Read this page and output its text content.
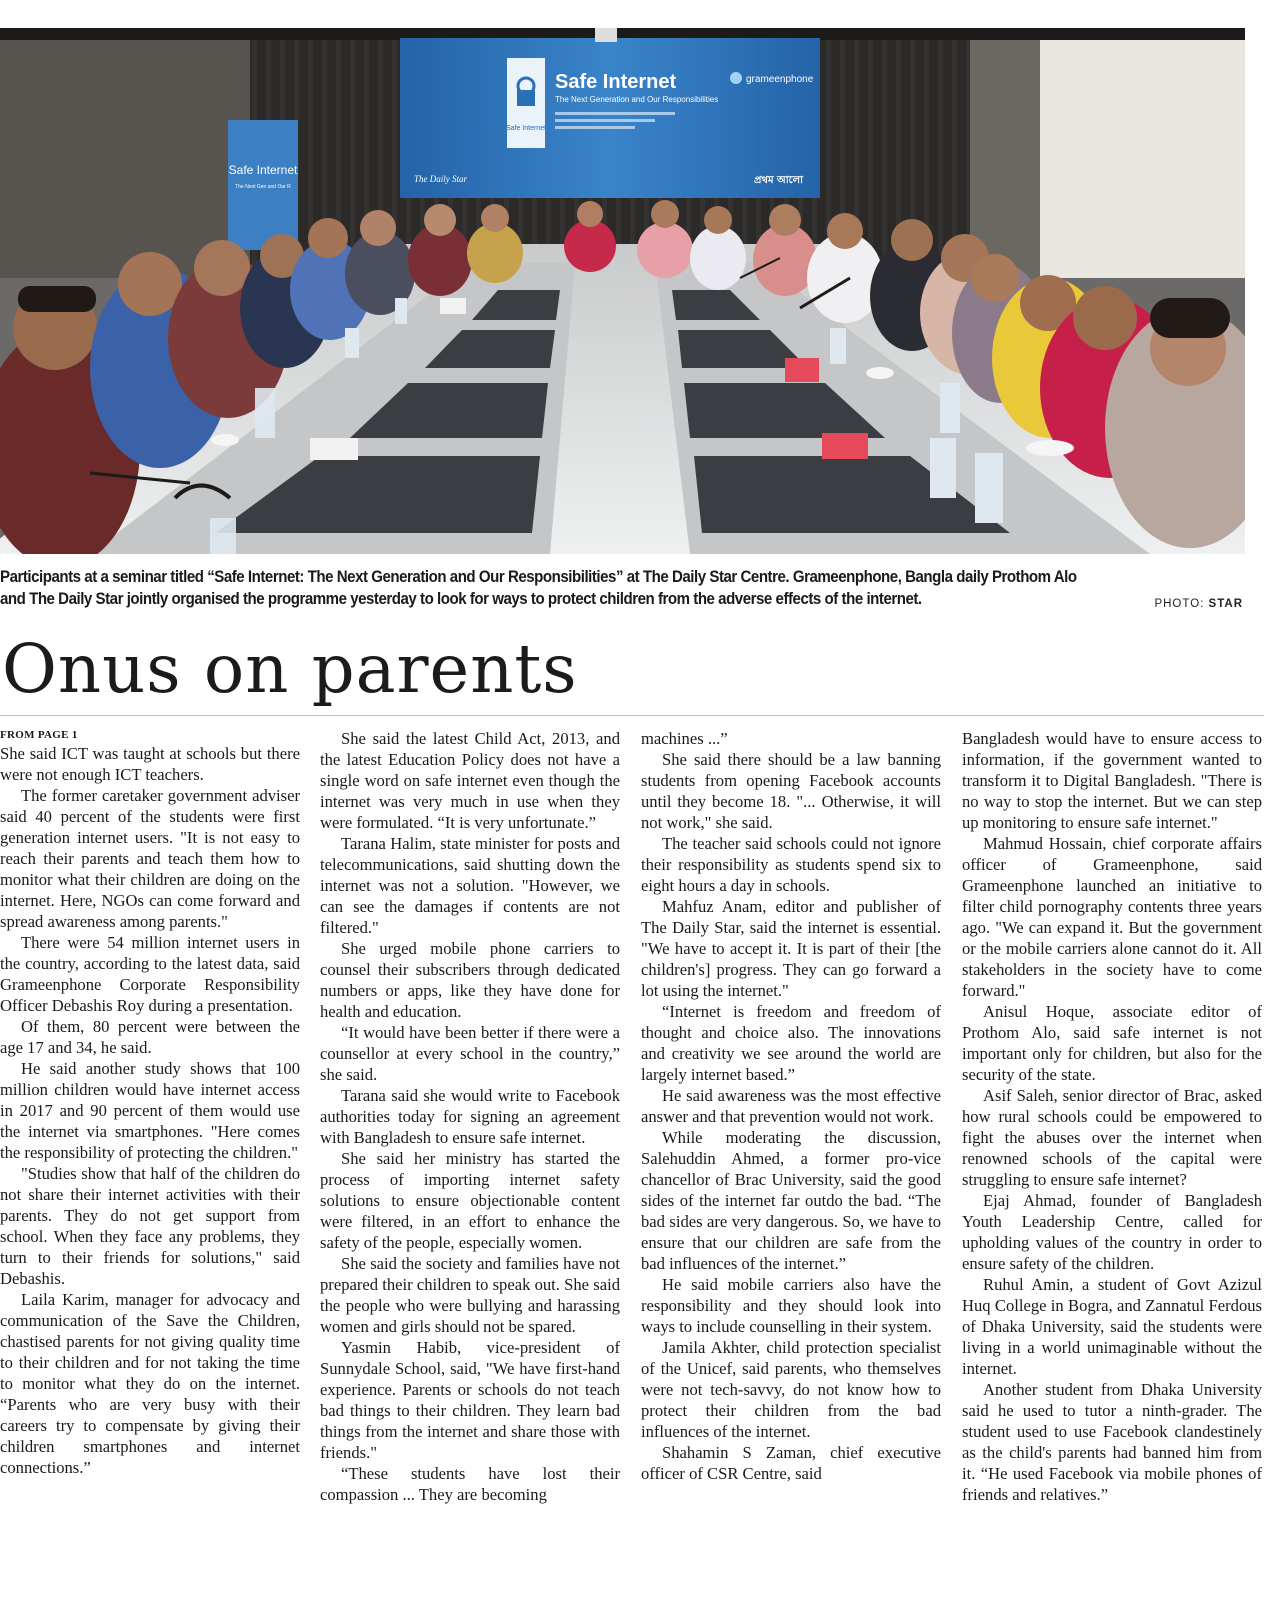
Safe Internet
Safe Internet
The Next Generation and Our Responsibilities
grameenphone
The Daily Star	প্রথম আলো
Safe Internet
The Next Gen and Our R
Participants at a seminar titled “Safe Internet: The Next Generation and Our Responsibilities” at The Daily Star Centre. Grameenphone, Bangla daily Prothom Alo
and The Daily Star jointly organised the programme yesterday to look for ways to protect children from the adverse effects of the internet.	PHOTO: STAR
Onus on parents

FROM PAGE 1

She said ICT was taught at schools but there were not enough ICT teachers.

The former caretaker government adviser said 40 percent of the students were first generation internet users. "It is not easy to reach their parents and teach them how to monitor what their children are doing on the internet. Here, NGOs can come forward and spread awareness among parents."

There were 54 million internet users in the country, according to the latest data, said Grameenphone Corporate Responsibility Officer Debashis Roy during a presentation.

Of them, 80 percent were between the age 17 and 34, he said.

He said another study shows that 100 million children would have internet access in 2017 and 90 percent of them would use the internet via smartphones. "Here comes the responsibility of protecting the children."

"Studies show that half of the children do not share their internet activities with their parents. They do not get support from school. When they face any problems, they turn to their friends for solutions," said Debashis.

Laila Karim, manager for advocacy and communication of the Save the Children, chastised parents for not giving quality time to their children and for not taking the time to monitor what they do on the internet. “Parents who are very busy with their careers try to compensate by giving their children smartphones and internet connections.”

She said the latest Child Act, 2013, and the latest Education Policy does not have a single word on safe internet even though the internet was very much in use when they were formulated. “It is very unfortunate.”

Tarana Halim, state minister for posts and telecommunications, said shutting down the internet was not a solution. "However, we can see the damages if contents are not filtered."

She urged mobile phone carriers to counsel their subscribers through dedicated numbers or apps, like they have done for health and education.

“It would have been better if there were a counsellor at every school in the country,” she said.

Tarana said she would write to Facebook authorities today for signing an agreement with Bangladesh to ensure safe internet.

She said her ministry has started the process of importing internet safety solutions to ensure objectionable content were filtered, in an effort to enhance the safety of the people, especially women.

She said the society and families have not prepared their children to speak out. She said the people who were bullying and harassing women and girls should not be spared.

Yasmin Habib, vice-president of Sunnydale School, said, "We have first-hand experience. Parents or schools do not teach bad things to their children. They learn bad things from the internet and share those with friends."

“These students have lost their compassion ... They are becoming

machines ...”

She said there should be a law banning students from opening Facebook accounts until they become 18. "... Otherwise, it will not work," she said.

The teacher said schools could not ignore their responsibility as students spend six to eight hours a day in schools.

Mahfuz Anam, editor and publisher of The Daily Star, said the internet is essential. "We have to accept it. It is part of their [the children's] progress. They can go forward a lot using the internet."

“Internet is freedom and freedom of thought and choice also. The innovations and creativity we see around the world are largely internet based.”

He said awareness was the most effective answer and that prevention would not work.

While moderating the discussion, Salehuddin Ahmed, a former pro-vice chancellor of Brac University, said the good sides of the internet far outdo the bad. “The bad sides are very dangerous. So, we have to ensure that our children are safe from the bad influences of the internet.”

He said mobile carriers also have the responsibility and they should look into ways to include counselling in their system.

Jamila Akhter, child protection specialist of the Unicef, said parents, who themselves were not tech-savvy, do not know how to protect their children from the bad influences of the internet.

Shahamin S Zaman, chief executive officer of CSR Centre, said

Bangladesh would have to ensure access to information, if the government wanted to transform it to Digital Bangladesh. "There is no way to stop the internet. But we can step up monitoring to ensure safe internet."

Mahmud Hossain, chief corporate affairs officer of Grameenphone, said Grameenphone launched an initiative to filter child pornography contents three years ago. "We can expand it. But the government or the mobile carriers alone cannot do it. All stakeholders in the society have to come forward."

Anisul Hoque, associate editor of Prothom Alo, said safe internet is not important only for children, but also for the security of the state.

Asif Saleh, senior director of Brac, asked how rural schools could be empowered to fight the abuses over the internet when renowned schools of the capital were struggling to ensure safe internet?

Ejaj Ahmad, founder of Bangladesh Youth Leadership Centre, called for upholding values of the country in order to ensure safety of the children.

Ruhul Amin, a student of Govt Azizul Huq College in Bogra, and Zannatul Ferdous of Dhaka University, said the students were living in a world unimaginable without the internet.

Another student from Dhaka University said he used to tutor a ninth-grader. The student used to use Facebook clandestinely as the child's parents had banned him from it. “He used Facebook via mobile phones of friends and relatives.”
